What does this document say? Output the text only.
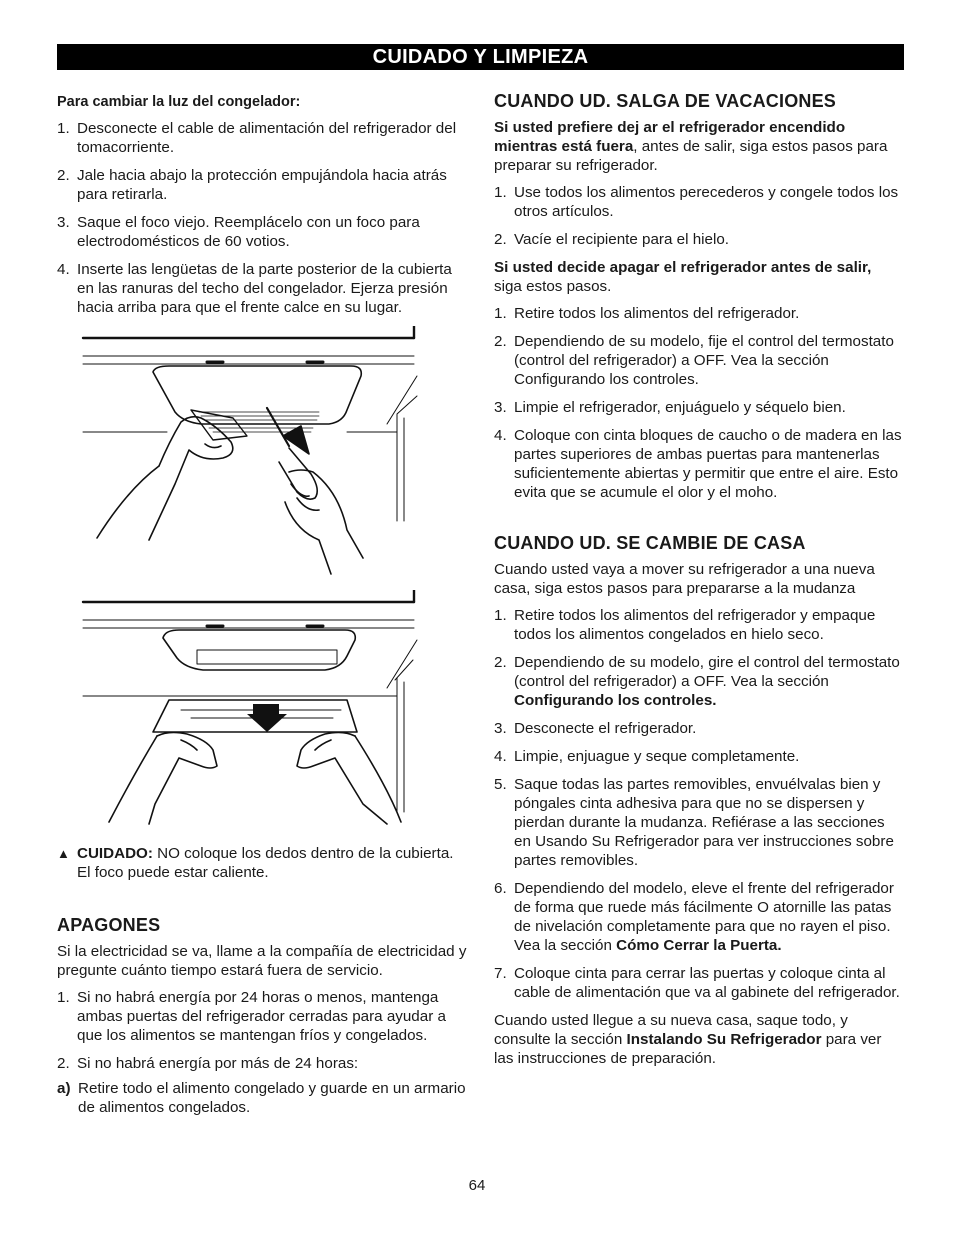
CUIDADO Y LIMPIEZA

Para cambiar la luz del congelador:

1. Desconecte el cable de alimentación del refrigerador del tomacorriente.
2. Jale hacia abajo la protección empujándola hacia atrás para retirarla.
3. Saque el foco viejo. Reemplácelo con un foco para electrodomésticos de 60 votios.
4. Inserte las lengüetas de la parte posterior de la cubierta en las ranuras del techo del congelador. Ejerza presión hacia arriba para que el frente calce en su lugar.

▲ CUIDADO: NO coloque los dedos dentro de la cubierta. El foco puede estar caliente.

APAGONES

Si la electricidad se va, llame a la compañía de electricidad y pregunte cuánto tiempo estará fuera de servicio.

1. Si no habrá energía por 24 horas o menos, mantenga ambas puertas del refrigerador cerradas para ayudar a que los alimentos se mantengan fríos y congelados.
2. Si no habrá energía por más de 24 horas:

a) Retire todo el alimento congelado y guarde en un armario de alimentos congelados.

CUANDO UD. SALGA DE VACACIONES

Si usted prefiere dej ar el refrigerador encendido mientras está fuera, antes de salir, siga estos pasos para preparar su refrigerador.

1. Use todos los alimentos perecederos y congele todos los otros artículos.
2. Vacíe el recipiente para el hielo.

Si usted decide apagar el refrigerador antes de salir, siga estos pasos.

1. Retire todos los alimentos del refrigerador.
2. Dependiendo de su modelo, fije el control del termostato (control del refrigerador) a OFF. Vea la sección Configurando los controles.
3. Limpie el refrigerador, enjuáguelo y séquelo bien.
4. Coloque con cinta bloques de caucho o de madera en las partes superiores de ambas puertas para mantenerlas suficientemente abiertas y permitir que entre el aire. Esto evita que se acumule el olor y el moho.

CUANDO UD. SE CAMBIE DE CASA

Cuando usted vaya a mover su refrigerador a una nueva casa, siga estos pasos para prepararse a la mudanza

1. Retire todos los alimentos del refrigerador y empaque todos los alimentos congelados en hielo seco.
2. Dependiendo de su modelo, gire el control del termostato (control del refrigerador) a OFF. Vea la sección Configurando los controles.
3. Desconecte el refrigerador.
4. Limpie, enjuague y seque completamente.
5. Saque todas las partes removibles, envuélvalas bien y póngales cinta adhesiva para que no se dispersen y pierdan durante la mudanza. Refiérase a las secciones en Usando Su Refrigerador para ver instrucciones sobre partes removibles.
6. Dependiendo del modelo, eleve el frente del refrigerador de forma que ruede más fácilmente O atornille las patas de nivelación completamente para que no rayen el piso. Vea la sección Cómo Cerrar la Puerta.
7. Coloque cinta para cerrar las puertas y coloque cinta al cable de alimentación que va al gabinete del refrigerador.

Cuando usted llegue a su nueva casa, saque todo, y consulte la sección Instalando Su Refrigerador para ver las instrucciones de preparación.

64
